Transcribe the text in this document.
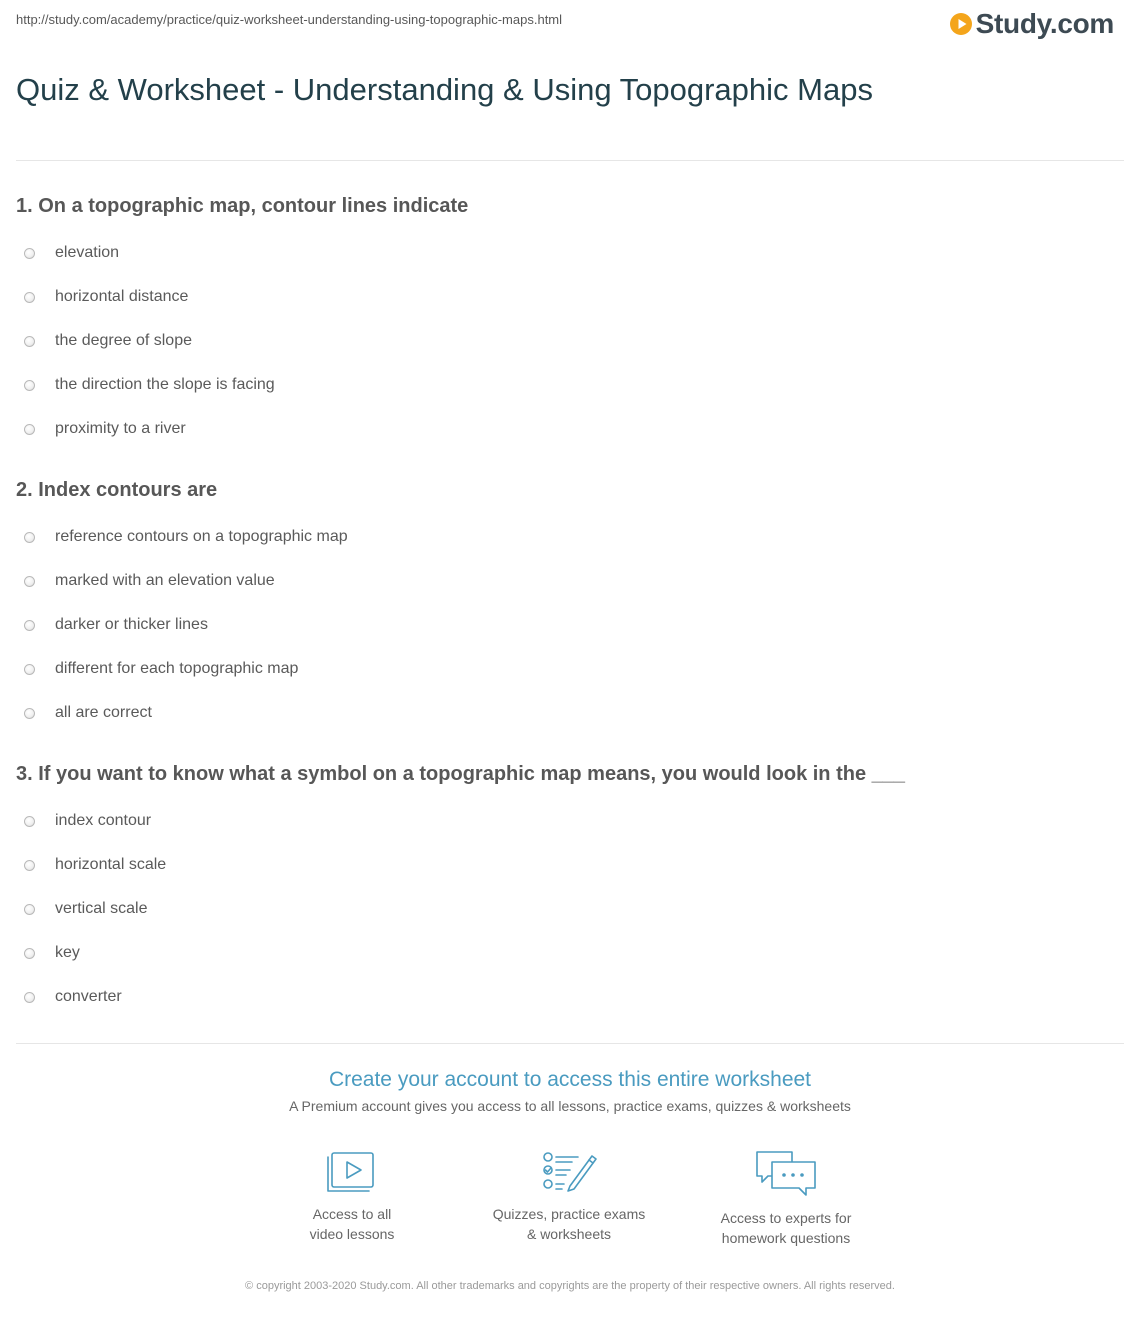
http://study.com/academy/practice/quiz-worksheet-understanding-using-topographic-maps.html	Study.com
Quiz & Worksheet - Understanding & Using Topographic Maps
1. On a topographic map, contour lines indicate
elevation
horizontal distance
the degree of slope
the direction the slope is facing
proximity to a river
2. Index contours are
reference contours on a topographic map
marked with an elevation value
darker or thicker lines
different for each topographic map
all are correct
3. If you want to know what a symbol on a topographic map means, you would look in the ___
index contour
horizontal scale
vertical scale
key
converter
Create your account to access this entire worksheet
A Premium account gives you access to all lessons, practice exams, quizzes & worksheets
Access to all
video lessons
Quizzes, practice exams
& worksheets
Access to experts for
homework questions
© copyright 2003-2020 Study.com. All other trademarks and copyrights are the property of their respective owners. All rights reserved.
